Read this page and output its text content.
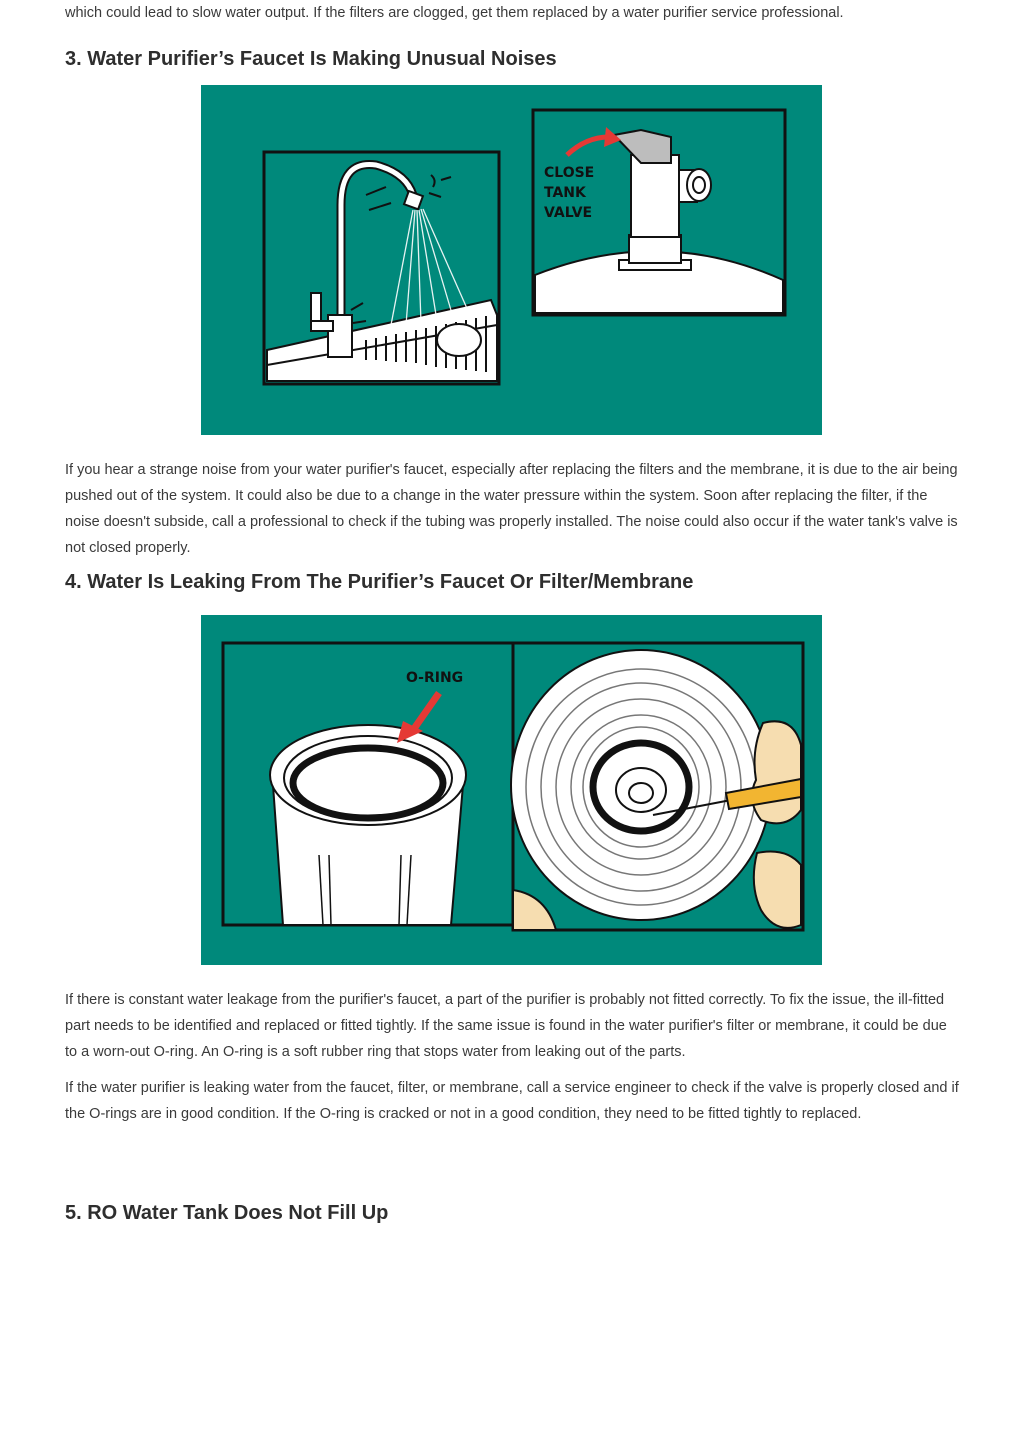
which could lead to slow water output. If the filters are clogged, get them replaced by a water purifier service professional.

3. Water Purifier’s Faucet Is Making Unusual Noises
CLOSE
TANK
VALVE

If you hear a strange noise from your water purifier's faucet, especially after replacing the filters and the membrane, it is due to the air being pushed out of the system. It could also be due to a change in the water pressure within the system. Soon after replacing the filter, if the noise doesn't subside, call a professional to check if the tubing was properly installed. The noise could also occur if the water tank's valve is not closed properly.

4. Water Is Leaking From The Purifier’s Faucet Or Filter/Membrane
O-RING

If there is constant water leakage from the purifier's faucet, a part of the purifier is probably not fitted correctly. To fix the issue, the ill-fitted part needs to be identified and replaced or fitted tightly. If the same issue is found in the water purifier's filter or membrane, it could be due to a worn-out O-ring. An O-ring is a soft rubber ring that stops water from leaking out of the parts.

If the water purifier is leaking water from the faucet, filter, or membrane, call a service engineer to check if the valve is properly closed and if the O-rings are in good condition. If the O-ring is cracked or not in a good condition, they need to be fitted tightly to replaced.

5. RO Water Tank Does Not Fill Up
